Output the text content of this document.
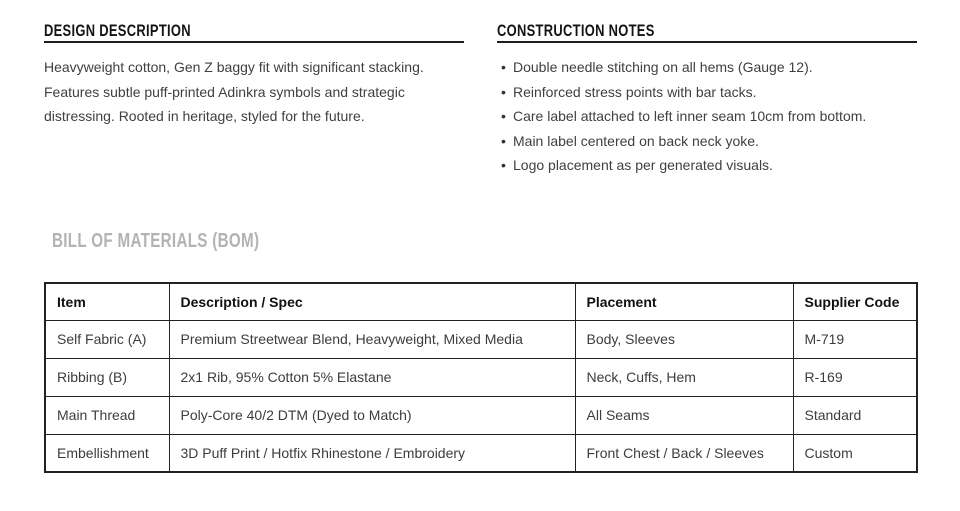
DESIGN DESCRIPTION
Heavyweight cotton, Gen Z baggy fit with significant stacking. Features subtle puff-printed Adinkra symbols and strategic distressing. Rooted in heritage, styled for the future.
CONSTRUCTION NOTES
• Double needle stitching on all hems (Gauge 12).
• Reinforced stress points with bar tacks.
• Care label attached to left inner seam 10cm from bottom.
• Main label centered on back neck yoke.
• Logo placement as per generated visuals.
BILL OF MATERIALS (BOM)
Item	Description / Spec	Placement	Supplier Code
Self Fabric (A)	Premium Streetwear Blend, Heavyweight, Mixed Media	Body, Sleeves	M-719
Ribbing (B)	2x1 Rib, 95% Cotton 5% Elastane	Neck, Cuffs, Hem	R-169
Main Thread	Poly-Core 40/2 DTM (Dyed to Match)	All Seams	Standard
Embellishment	3D Puff Print / Hotfix Rhinestone / Embroidery	Front Chest / Back / Sleeves	Custom
